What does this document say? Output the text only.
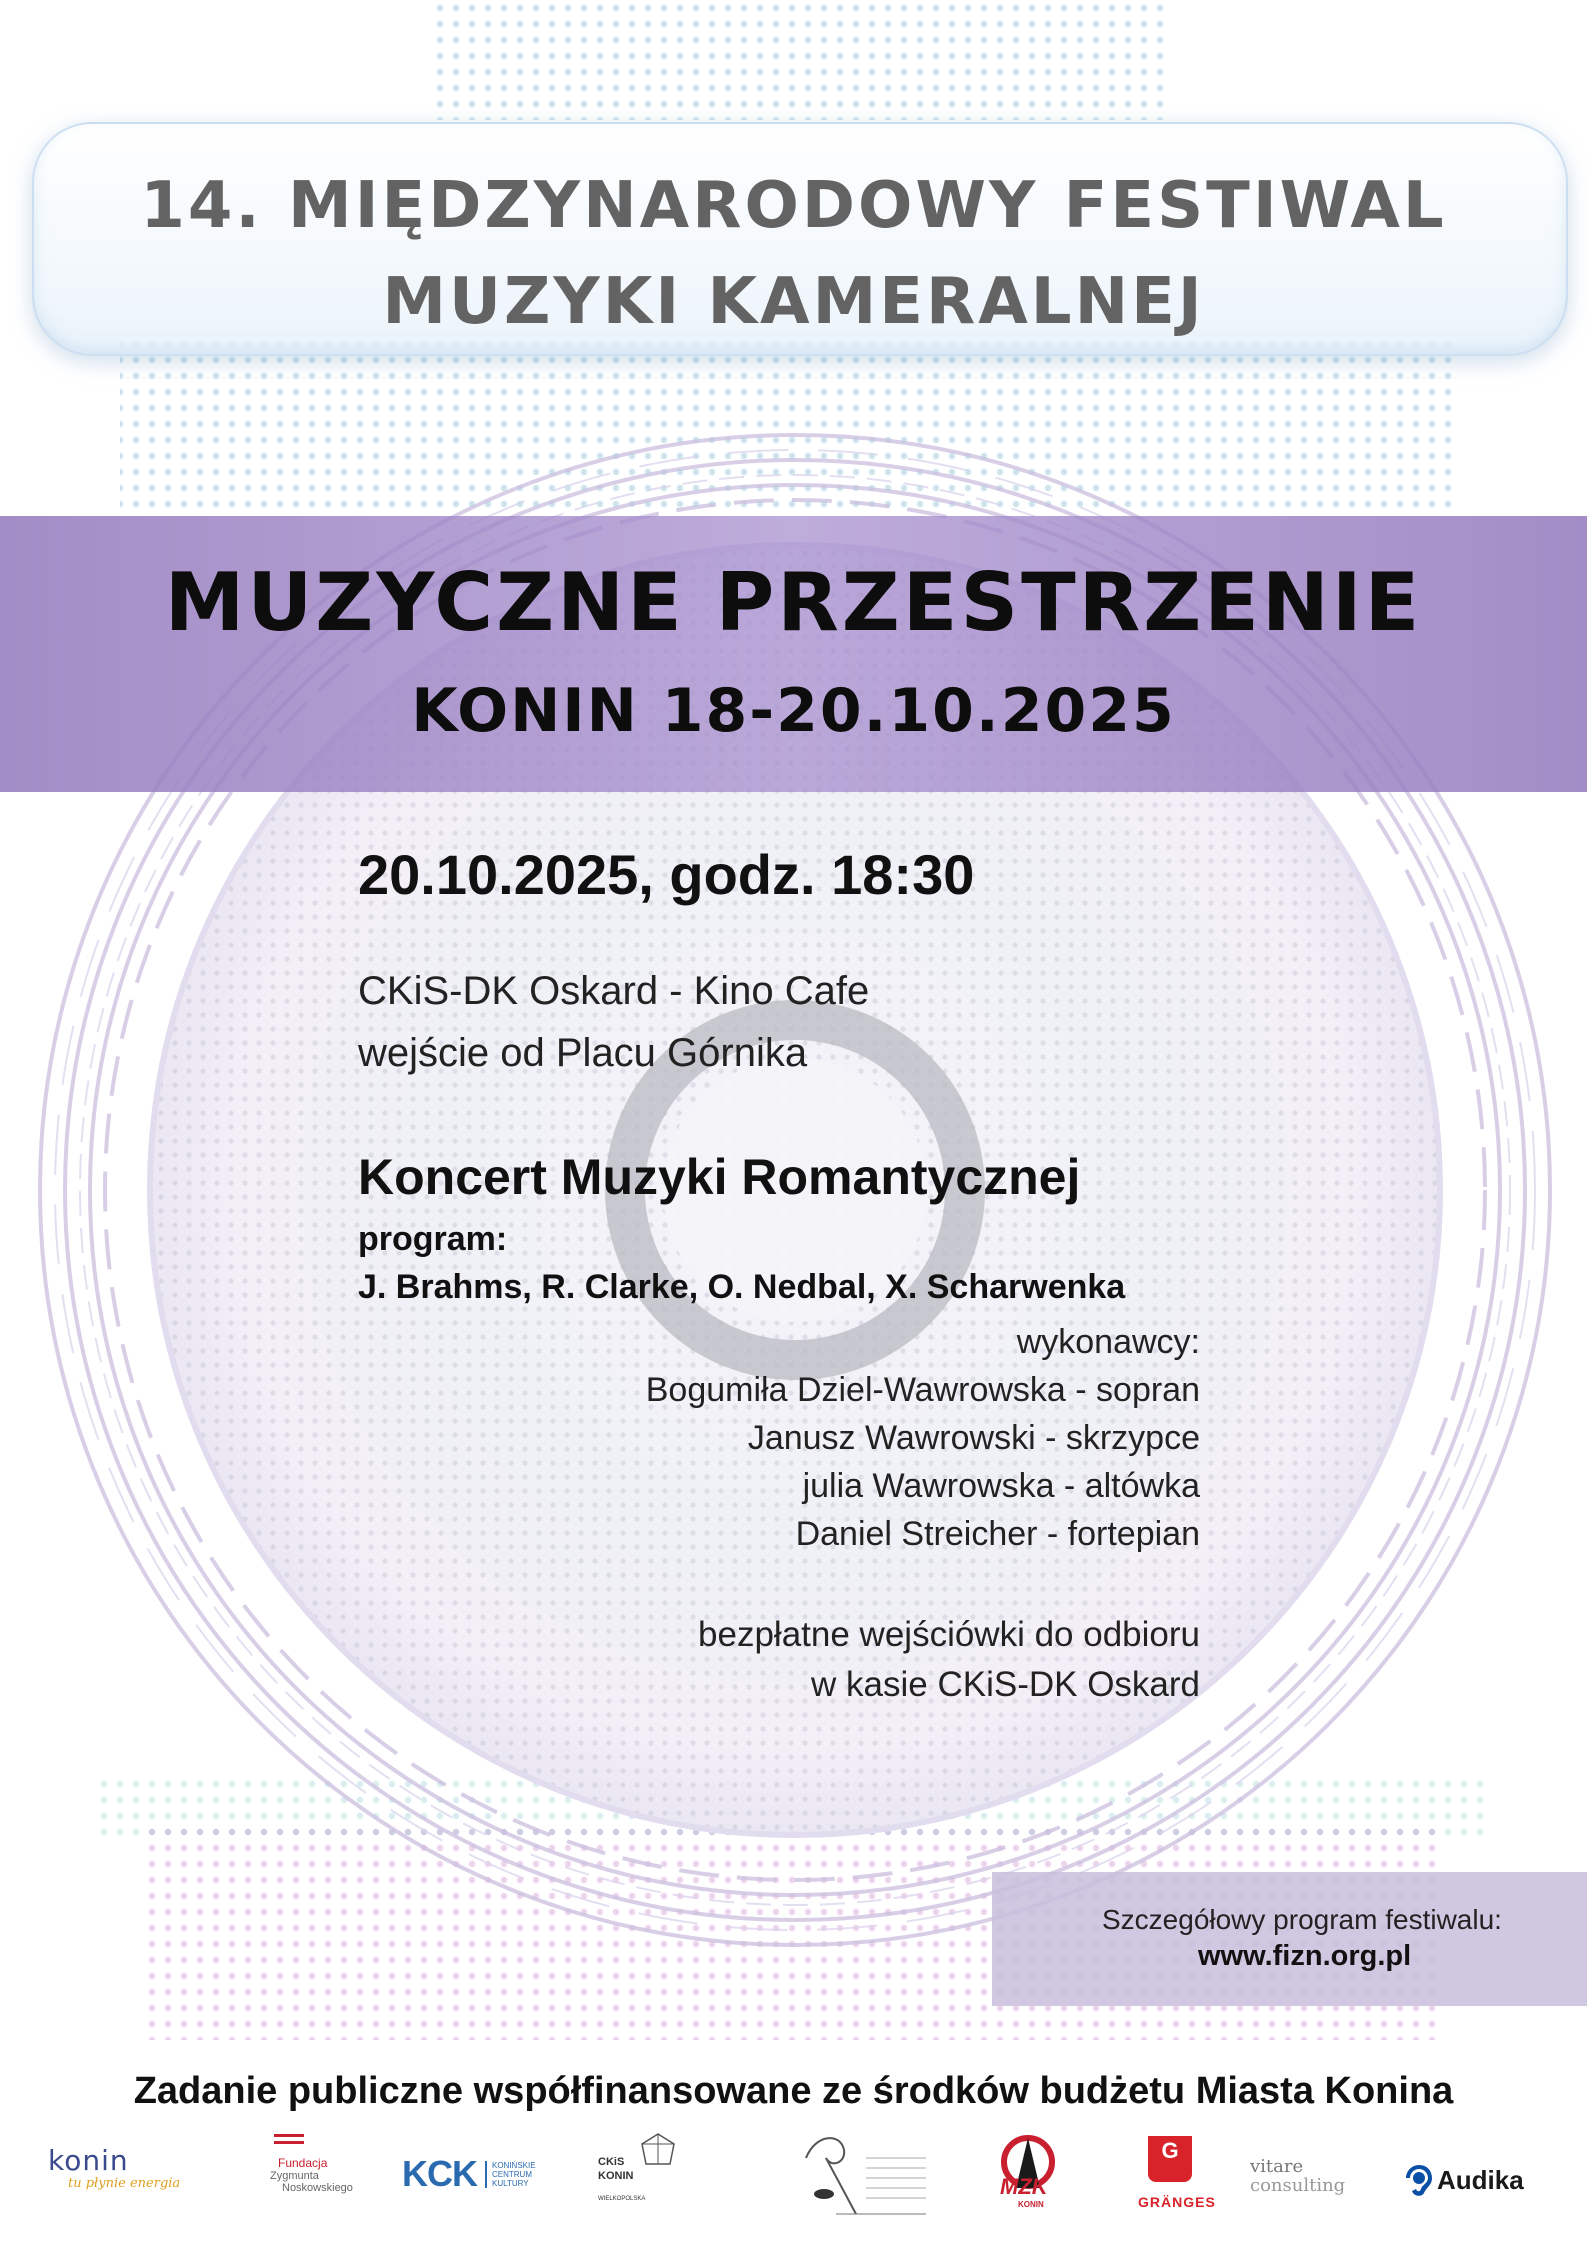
14. MIĘDZYNARODOWY FESTIWAL
MUZYKI KAMERALNEJ
MUZYCZNE PRZESTRZENIE
KONIN 18-20.10.2025
20.10.2025, godz. 18:30
CKiS-DK Oskard - Kino Cafe
wejście od Placu Górnika
Koncert Muzyki Romantycznej
program:
J. Brahms, R. Clarke, O. Nedbal, X. Scharwenka
wykonawcy:
Bogumiła Dziel-Wawrowska - sopran
Janusz Wawrowski - skrzypce
julia Wawrowska - altówka
Daniel Streicher - fortepian
bezpłatne wejściówki do odbioru
w kasie CKiS-DK Oskard
Szczegółowy program festiwalu:
www.fizn.org.pl
Zadanie publiczne współfinansowane ze środków budżetu Miasta Konina
konin
tu płynie energia
Fundacja
Zygmunta
Noskowskiego	KCK KONIŃSKIE
CENTRUM
KULTURY
CKiS
KONIN
WIELKOPOLSKA	MZK
KONIN
G
GRÄNGES
vitare
consulting	Audika
